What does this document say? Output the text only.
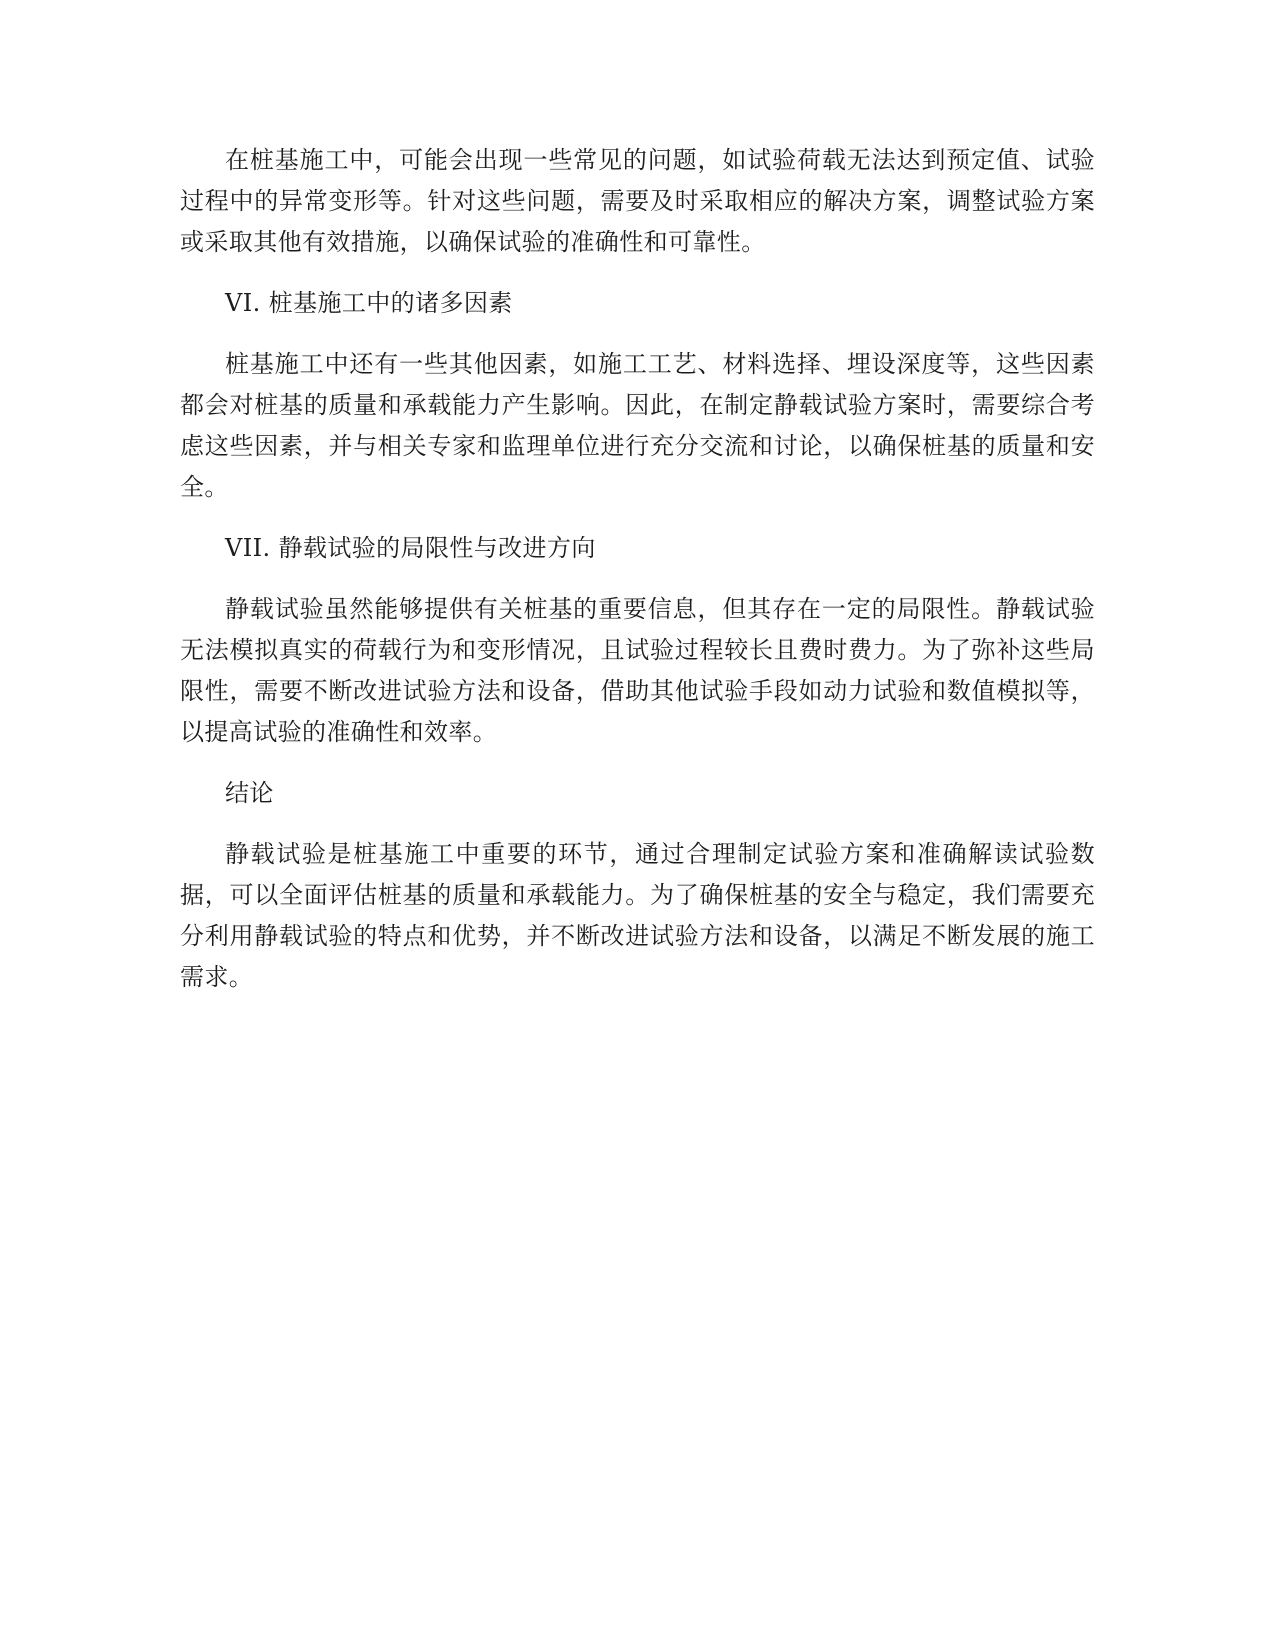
在桩基施工中，可能会出现一些常见的问题，如试验荷载无法达到预定值、试验过程中的异常变形等。针对这些问题，需要及时采取相应的解决方案，调整试验方案或采取其他有效措施，以确保试验的准确性和可靠性。

VI. 桩基施工中的诸多因素

桩基施工中还有一些其他因素，如施工工艺、材料选择、埋设深度等，这些因素都会对桩基的质量和承载能力产生影响。因此，在制定静载试验方案时，需要综合考虑这些因素，并与相关专家和监理单位进行充分交流和讨论，以确保桩基的质量和安全。

VII. 静载试验的局限性与改进方向

静载试验虽然能够提供有关桩基的重要信息，但其存在一定的局限性。静载试验无法模拟真实的荷载行为和变形情况，且试验过程较长且费时费力。为了弥补这些局限性，需要不断改进试验方法和设备，借助其他试验手段如动力试验和数值模拟等，以提高试验的准确性和效率。

结论

静载试验是桩基施工中重要的环节，通过合理制定试验方案和准确解读试验数据，可以全面评估桩基的质量和承载能力。为了确保桩基的安全与稳定，我们需要充分利用静载试验的特点和优势，并不断改进试验方法和设备，以满足不断发展的施工需求。
